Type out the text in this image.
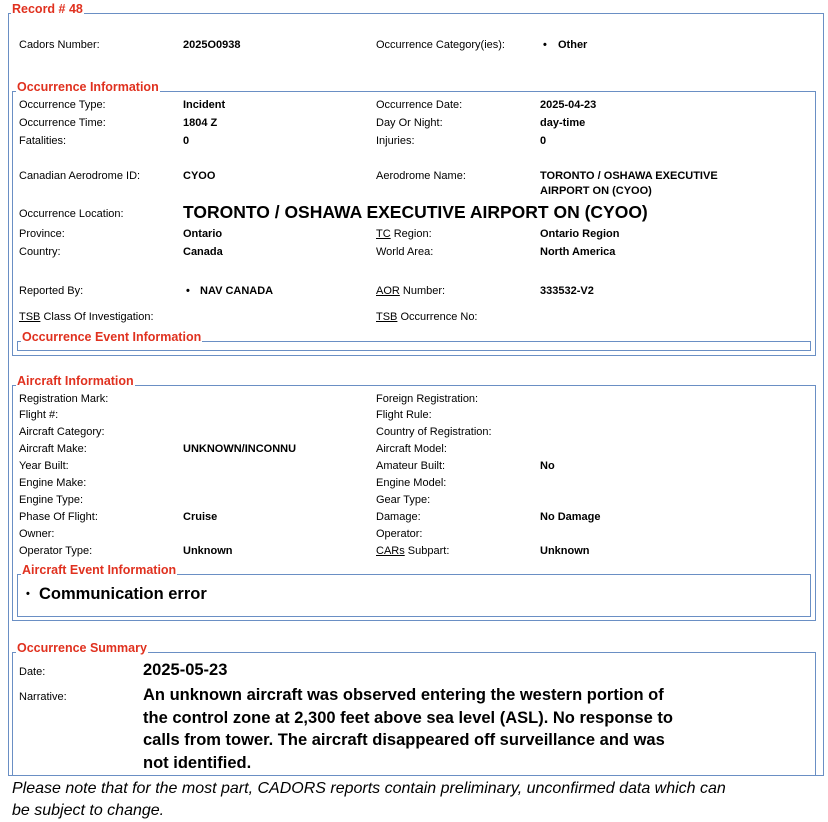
Record # 48
Cadors Number:	2025O0938	Occurrence Category(ies):	• Other
Occurrence Information
Occurrence Type:	Incident	Occurrence Date:	2025-04-23
Occurrence Time:	1804 Z	Day Or Night:	day-time
Fatalities:	0	Injuries:	0
Canadian Aerodrome ID:	CYOO	Aerodrome Name:	TORONTO / OSHAWA EXECUTIVE
AIRPORT ON (CYOO)
Occurrence Location:	TORONTO / OSHAWA EXECUTIVE AIRPORT ON (CYOO)
Province:	Ontario	TC Region:	Ontario Region
Country:	Canada	World Area:	North America
Reported By:	• NAV CANADA	AOR Number:	333532-V2
TSB Class Of Investigation:	TSB Occurrence No:
Occurrence Event Information
Aircraft Information
Registration Mark:	Foreign Registration:
Flight #:	Flight Rule:
Aircraft Category:	Country of Registration:
Aircraft Make:	UNKNOWN/INCONNU	Aircraft Model:
Year Built:	Amateur Built:	No
Engine Make:	Engine Model:
Engine Type:	Gear Type:
Phase Of Flight:	Cruise	Damage:	No Damage
Owner:	Operator:
Operator Type:	Unknown	CARs Subpart:	Unknown
Aircraft Event Information
• Communication error
Occurrence Summary
Date:	2025-05-23
Narrative:	An unknown aircraft was observed entering the western portion of
the control zone at 2,300 feet above sea level (ASL). No response to
calls from tower. The aircraft disappeared off surveillance and was
not identified.
Please note that for the most part, CADORS reports contain preliminary, unconfirmed data which can
be subject to change.
